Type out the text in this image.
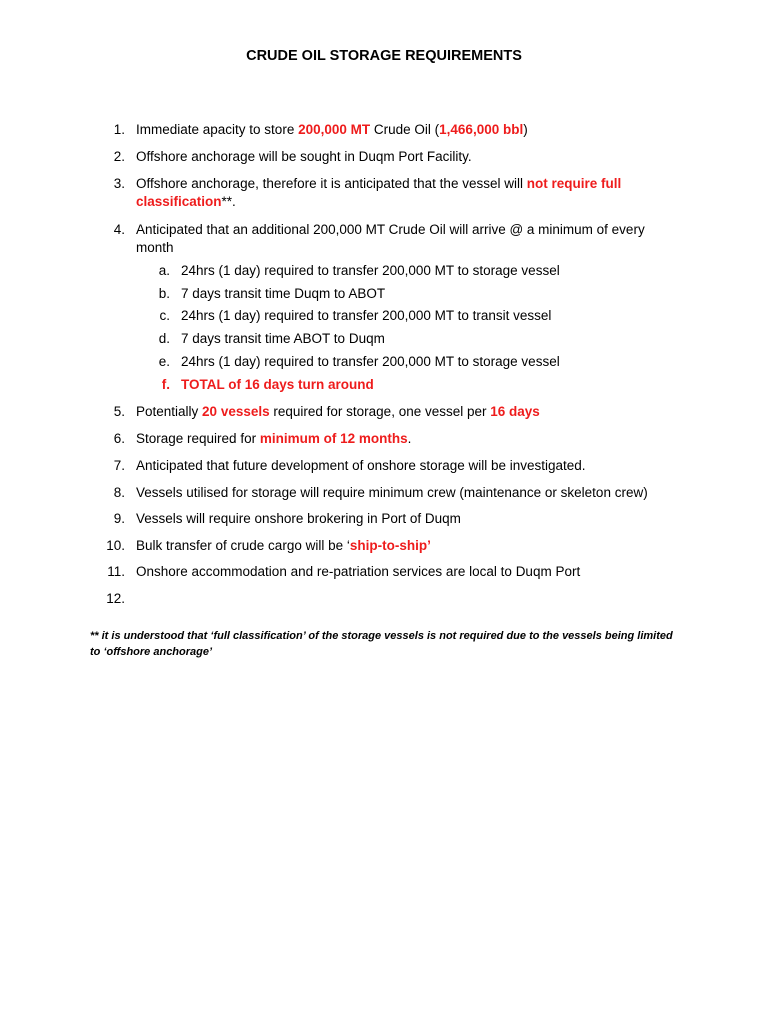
CRUDE OIL STORAGE REQUIREMENTS
1. Immediate apacity to store 200,000 MT Crude Oil (1,466,000 bbl)
2. Offshore anchorage will be sought in Duqm Port Facility.
3. Offshore anchorage, therefore it is anticipated that the vessel will not require full classification**.
4. Anticipated that an additional 200,000 MT Crude Oil will arrive @ a minimum of every month
a. 24hrs (1 day) required to transfer 200,000 MT to storage vessel
b. 7 days transit time Duqm to ABOT
c. 24hrs (1 day) required to transfer 200,000 MT to transit vessel
d. 7 days transit time ABOT to Duqm
e. 24hrs (1 day) required to transfer 200,000 MT to storage vessel
f. TOTAL of 16 days turn around
5. Potentially 20 vessels required for storage, one vessel per 16 days
6. Storage required for minimum of 12 months.
7. Anticipated that future development of onshore storage will be investigated.
8. Vessels utilised for storage will require minimum crew (maintenance or skeleton crew)
9. Vessels will require onshore brokering in Port of Duqm
10. Bulk transfer of crude cargo will be ‘ship-to-ship’
11. Onshore accommodation and re-patriation services are local to Duqm Port
12.
** it is understood that ‘full classification’ of the storage vessels is not required due to the vessels being limited to ‘offshore anchorage’
